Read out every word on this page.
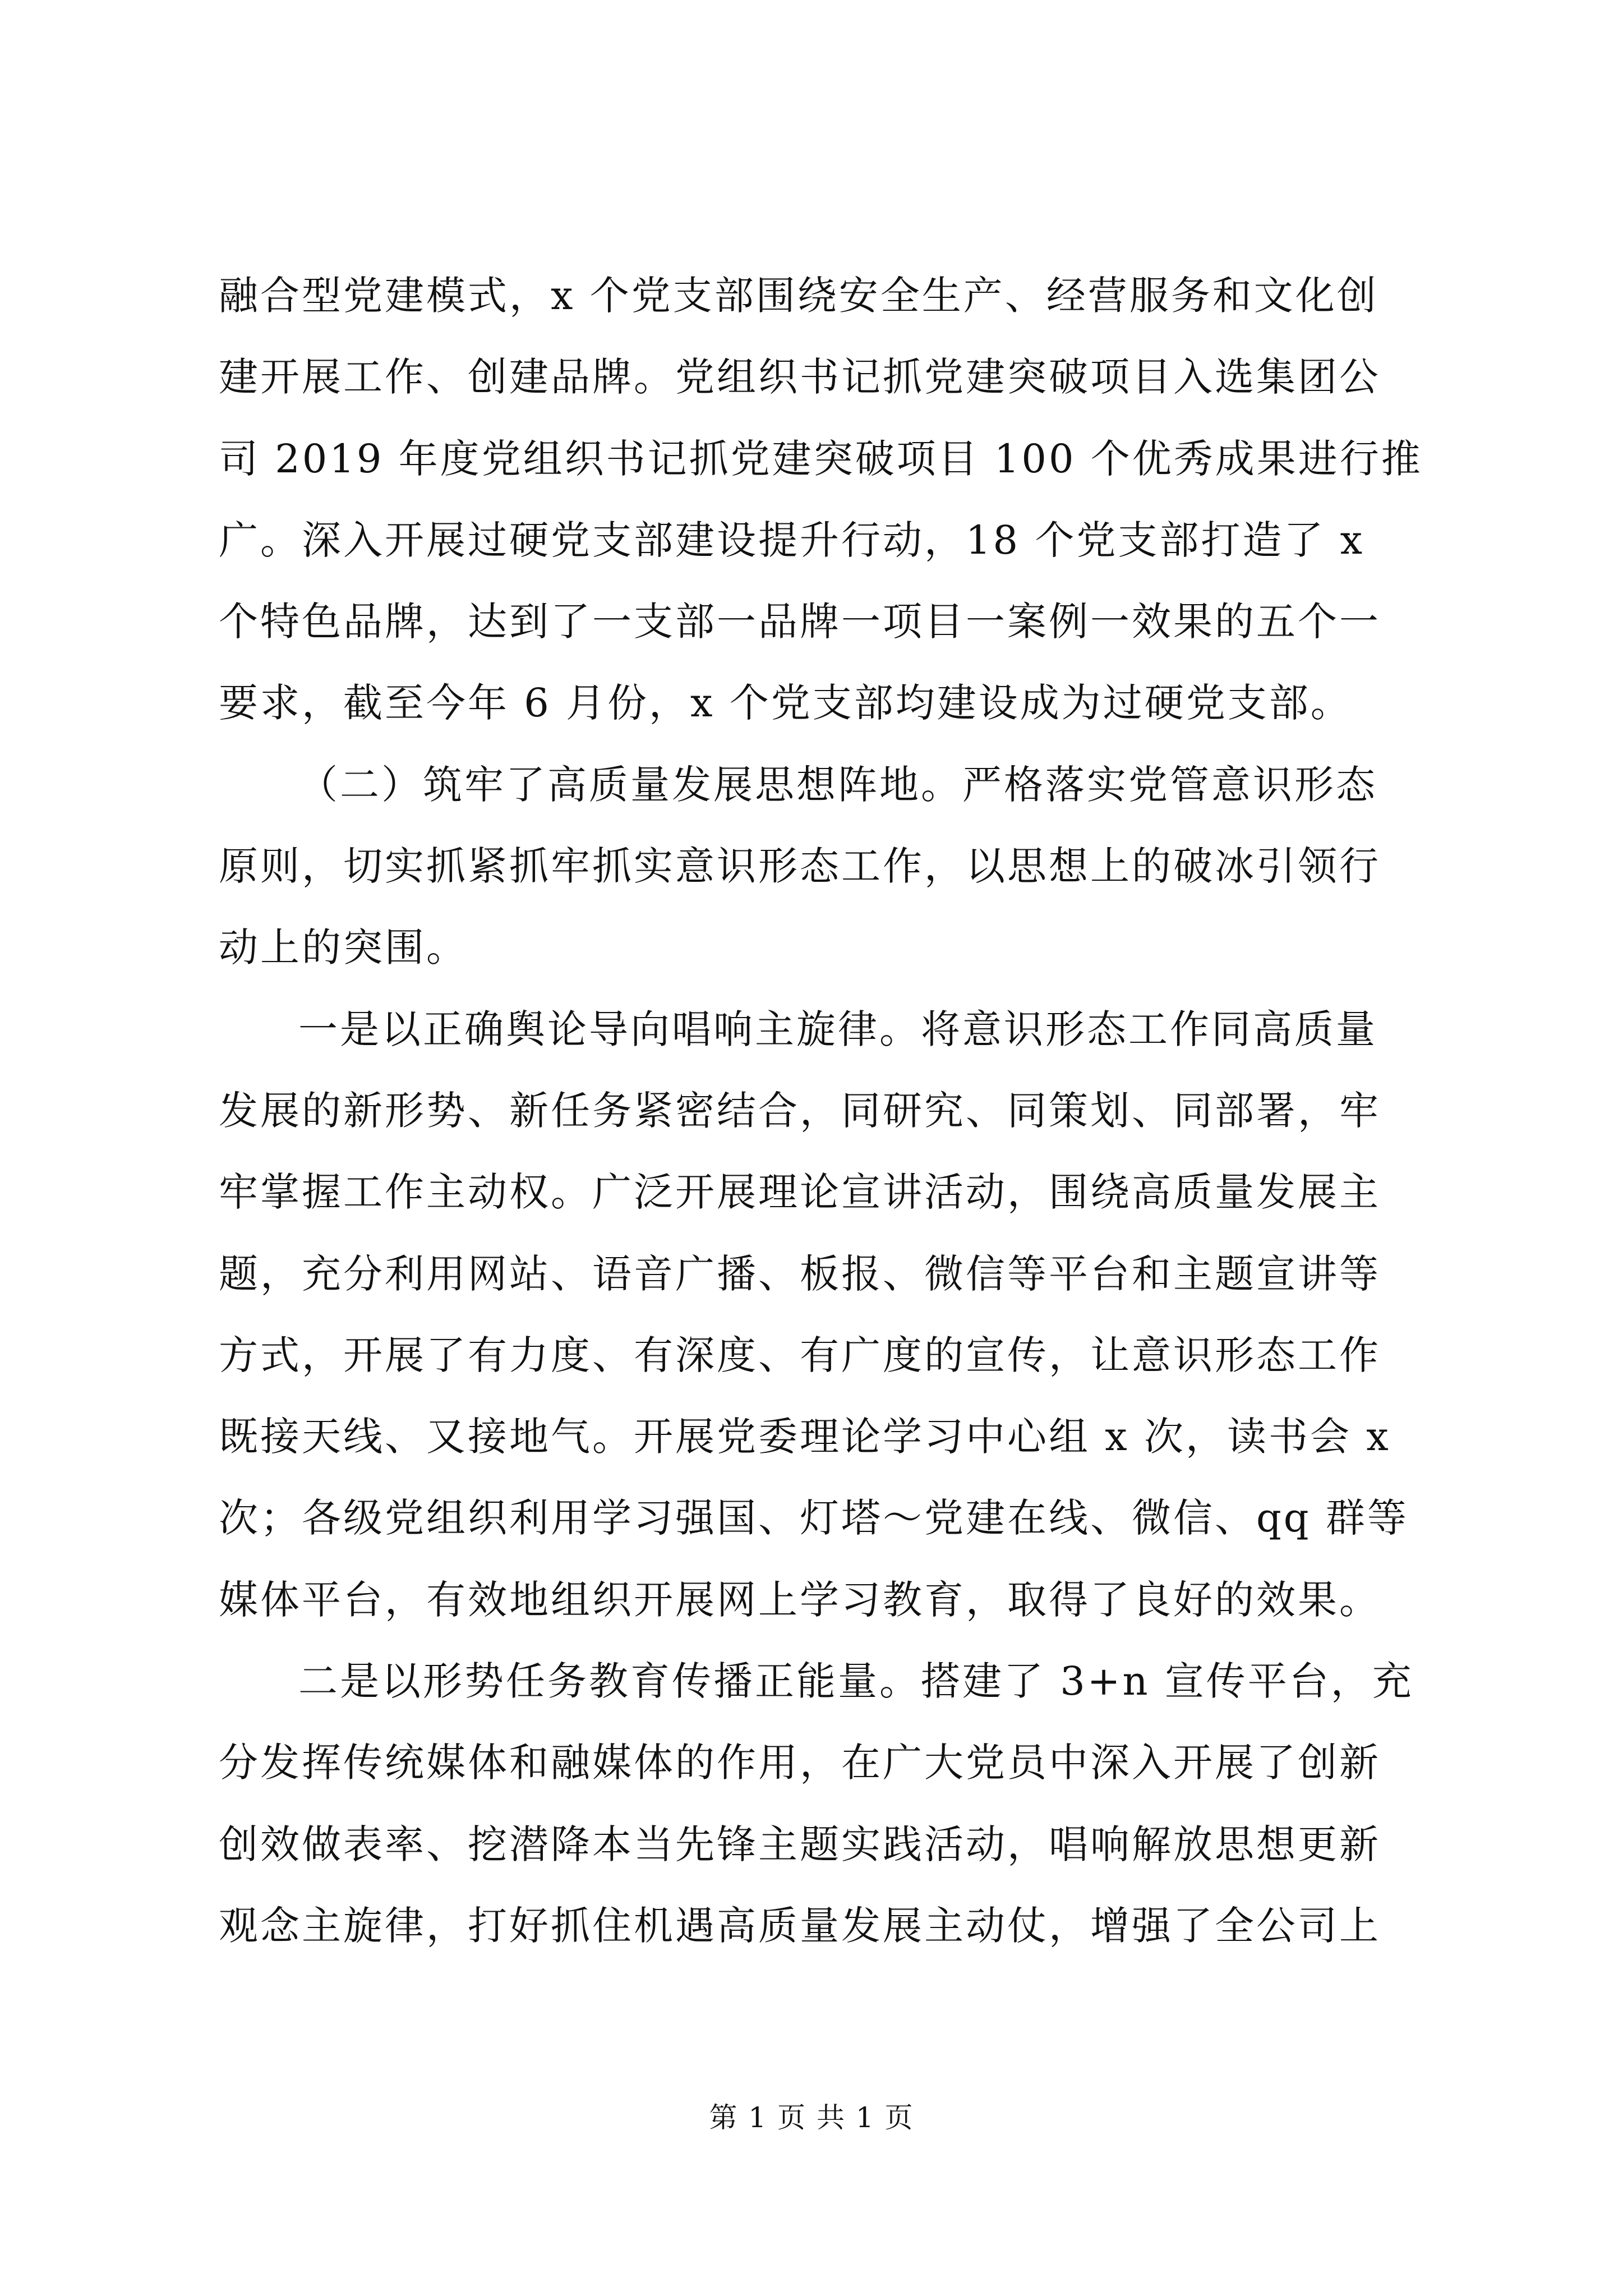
融合型党建模式，x 个党支部围绕安全生产、经营服务和文化创
建开展工作、创建品牌。党组织书记抓党建突破项目入选集团公
司 2019 年度党组织书记抓党建突破项目 100 个优秀成果进行推
广。深入开展过硬党支部建设提升行动，18 个党支部打造了 x
个特色品牌，达到了一支部一品牌一项目一案例一效果的五个一
要求，截至今年 6 月份，x 个党支部均建设成为过硬党支部。
（二）筑牢了高质量发展思想阵地。严格落实党管意识形态
原则，切实抓紧抓牢抓实意识形态工作，以思想上的破冰引领行
动上的突围。
一是以正确舆论导向唱响主旋律。将意识形态工作同高质量
发展的新形势、新任务紧密结合，同研究、同策划、同部署，牢
牢掌握工作主动权。广泛开展理论宣讲活动，围绕高质量发展主
题，充分利用网站、语音广播、板报、微信等平台和主题宣讲等
方式，开展了有力度、有深度、有广度的宣传，让意识形态工作
既接天线、又接地气。开展党委理论学习中心组 x 次，读书会 x
次；各级党组织利用学习强国、灯塔～党建在线、微信、qq 群等
媒体平台，有效地组织开展网上学习教育，取得了良好的效果。
二是以形势任务教育传播正能量。搭建了 3+n 宣传平台，充
分发挥传统媒体和融媒体的作用，在广大党员中深入开展了创新
创效做表率、挖潜降本当先锋主题实践活动，唱响解放思想更新
观念主旋律，打好抓住机遇高质量发展主动仗，增强了全公司上
第 1 页 共 1 页
